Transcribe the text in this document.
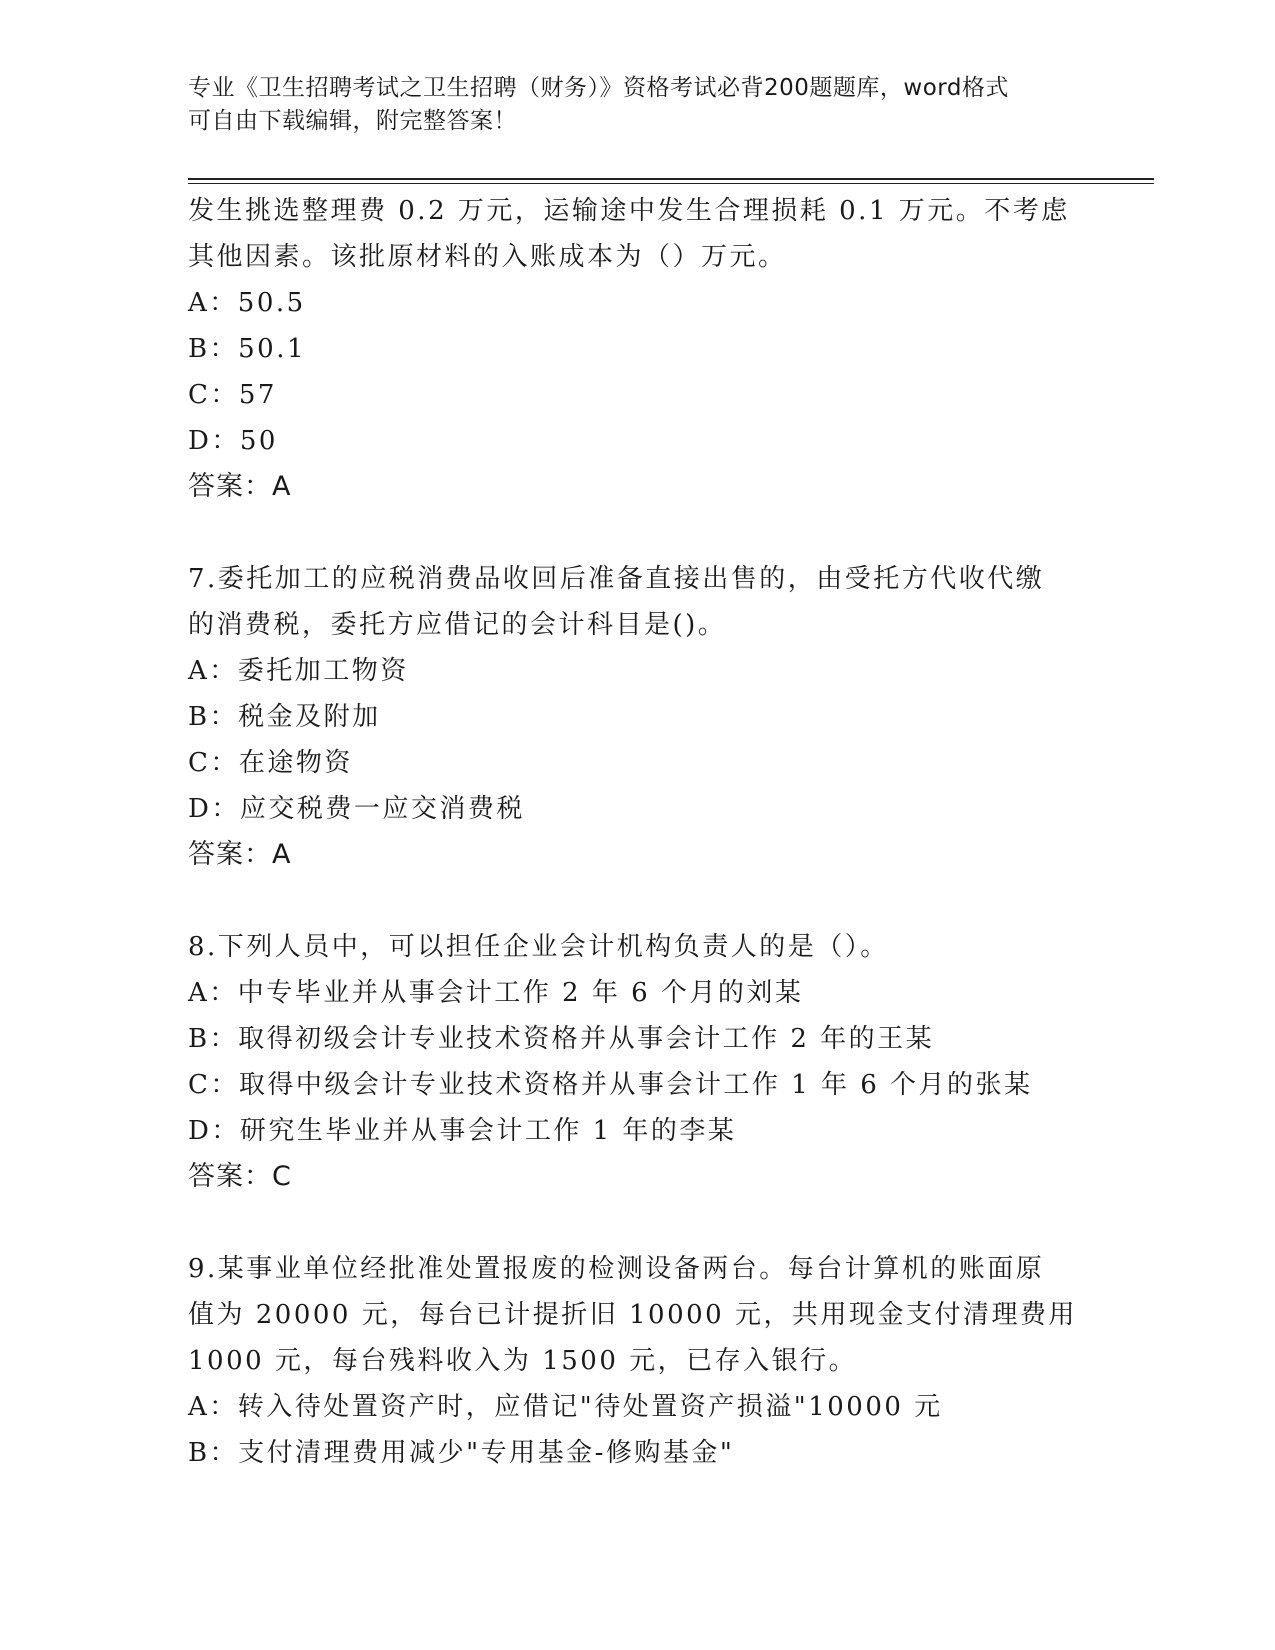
专业《卫生招聘考试之卫生招聘（财务）》资格考试必背200题题库，word格式
可自由下载编辑，附完整答案！
发生挑选整理费 0.2 万元，运输途中发生合理损耗 0.1 万元。不考虑
其他因素。该批原材料的入账成本为（）万元。
A：50.5
B：50.1
C：57
D：50
答案：A
7.委托加工的应税消费品收回后准备直接出售的，由受托方代收代缴
的消费税，委托方应借记的会计科目是()。
A：委托加工物资
B：税金及附加
C：在途物资
D：应交税费一应交消费税
答案：A
8.下列人员中，可以担任企业会计机构负责人的是（）。
A：中专毕业并从事会计工作 2 年 6 个月的刘某
B：取得初级会计专业技术资格并从事会计工作 2 年的王某
C：取得中级会计专业技术资格并从事会计工作 1 年 6 个月的张某
D：研究生毕业并从事会计工作 1 年的李某
答案：C
9.某事业单位经批准处置报废的检测设备两台。每台计算机的账面原
值为 20000 元，每台已计提折旧 10000 元，共用现金支付清理费用
1000 元，每台残料收入为 1500 元，已存入银行。
A：转入待处置资产时，应借记"待处置资产损溢"10000 元
B：支付清理费用减少"专用基金-修购基金"
